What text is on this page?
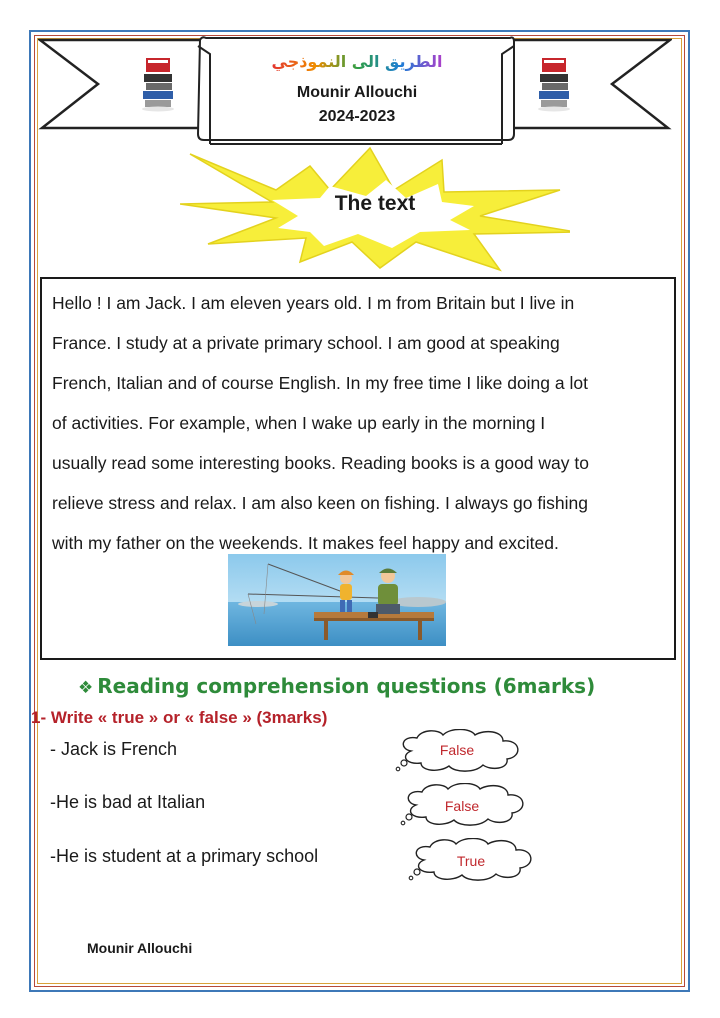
الطريق الى النموذجي
Mounir Allouchi
2024-2023
The text
Hello ! I am Jack. I am eleven years old. I m from Britain but I live in
France. I study at a private primary school. I am good at speaking
French, Italian and of course English. In my free time I like doing a lot
of activities. For example, when I wake up early in the morning I
usually read some interesting books. Reading books is a good way to
relieve stress and relax. I am also keen on fishing. I always go fishing
with my father on the weekends. It makes feel happy and excited.
❖ Reading comprehension questions (6marks)
1- Write « true » or « false » (3marks)
- Jack is French
-He is bad at Italian
-He is student at a primary school
False
False
True
Mounir Allouchi
